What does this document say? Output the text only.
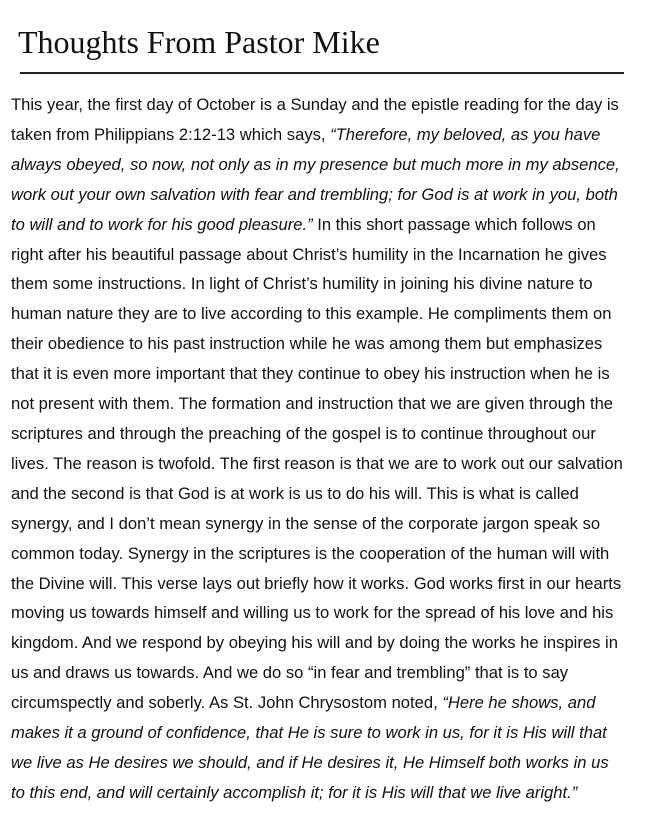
Thoughts From Pastor Mike
This year, the first day of October is a Sunday and the epistle reading for the day is
taken from Philippians 2:12-13 which says, “Therefore, my beloved, as you have
always obeyed, so now, not only as in my presence but much more in my absence,
work out your own salvation with fear and trembling; for God is at work in you, both
to will and to work for his good pleasure.” In this short passage which follows on
right after his beautiful passage about Christ’s humility in the Incarnation he gives
them some instructions. In light of Christ’s humility in joining his divine nature to
human nature they are to live according to this example. He compliments them on
their obedience to his past instruction while he was among them but emphasizes
that it is even more important that they continue to obey his instruction when he is
not present with them. The formation and instruction that we are given through the
scriptures and through the preaching of the gospel is to continue throughout our
lives. The reason is twofold. The first reason is that we are to work out our salvation
and the second is that God is at work is us to do his will. This is what is called
synergy, and I don’t mean synergy in the sense of the corporate jargon speak so
common today. Synergy in the scriptures is the cooperation of the human will with
the Divine will. This verse lays out briefly how it works. God works first in our hearts
moving us towards himself and willing us to work for the spread of his love and his
kingdom. And we respond by obeying his will and by doing the works he inspires in
us and draws us towards. And we do so “in fear and trembling” that is to say
circumspectly and soberly. As St. John Chrysostom noted, “Here he shows, and
makes it a ground of confidence, that He is sure to work in us, for it is His will that
we live as He desires we should, and if He desires it, He Himself both works in us
to this end, and will certainly accomplish it; for it is His will that we live aright.”
